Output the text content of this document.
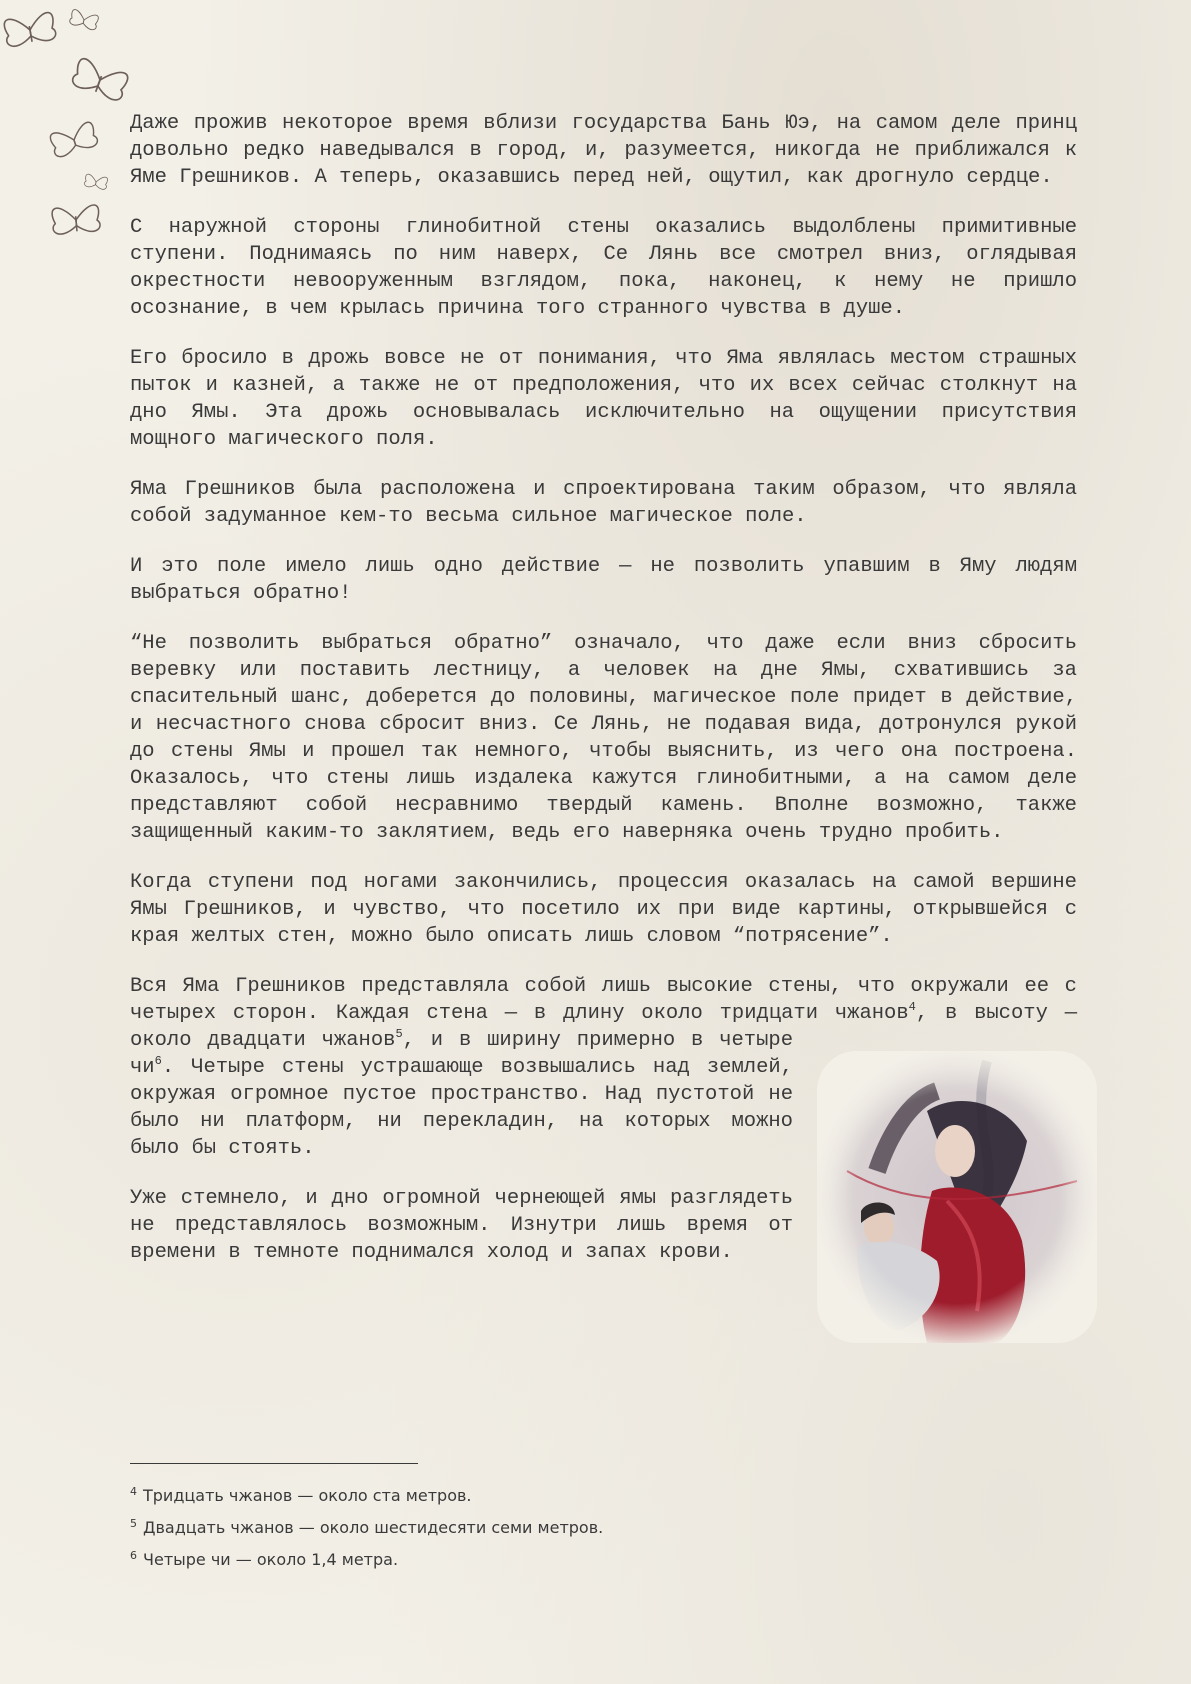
Даже прожив некоторое время вблизи государства Бань Юэ, на самом деле принц довольно редко наведывался в город, и, разумеется, никогда не приближался к Яме Грешников. А теперь, оказавшись перед ней, ощутил, как дрогнуло сердце.

С наружной стороны глинобитной стены оказались выдолблены примитивные ступени. Поднимаясь по ним наверх, Се Лянь все смотрел вниз, оглядывая окрестности невооруженным взглядом, пока, наконец, к нему не пришло осознание, в чем крылась причина того странного чувства в душе.

Его бросило в дрожь вовсе не от понимания, что Яма являлась местом страшных пыток и казней, а также не от предположения, что их всех сейчас столкнут на дно Ямы. Эта дрожь основывалась исключительно на ощущении присутствия мощного магического поля.

Яма Грешников была расположена и спроектирована таким образом, что являла собой задуманное кем-то весьма сильное магическое поле.

И это поле имело лишь одно действие — не позволить упавшим в Яму людям выбраться обратно!

“Не позволить выбраться обратно” означало, что даже если вниз сбросить веревку или поставить лестницу, а человек на дне Ямы, схватившись за спасительный шанс, доберется до половины, магическое поле придет в действие, и несчастного снова сбросит вниз. Се Лянь, не подавая вида, дотронулся рукой до стены Ямы и прошел так немного, чтобы выяснить, из чего она построена. Оказалось, что стены лишь издалека кажутся глинобитными, а на самом деле представляют собой несравнимо твердый камень. Вполне возможно, также защищенный каким-то заклятием, ведь его наверняка очень трудно пробить.

Когда ступени под ногами закончились, процессия оказалась на самой вершине Ямы Грешников, и чувство, что посетило их при виде картины, открывшейся с края желтых стен, можно было описать лишь словом “потрясение”.

Вся Яма Грешников представляла собой лишь высокие стены, что окружали ее с четырех сторон. Каждая стена — в длину около тридцати чжанов$^4$, в высоту — около двадцати чжанов$^5$
, и в ширину примерно в четыре $чи^6$. Четыре стены устрашающе возвышались над землей, окружая огромное пустое пространство. Над пустотой не было ни платформ, ни перекладин, на которых можно было бы стоять.

Уже стемнело, и дно огромной чернеющей ямы разглядеть не представлялось возможным. Изнутри лишь время от времени в темноте поднимался холод и запах крови.

$^4$ Тридцать чжанов — около ста метров.

$^5$ Двадцать чжанов — около шестидесяти семи метров.

$^6$ Четыре чи — около 1,4 метра.
